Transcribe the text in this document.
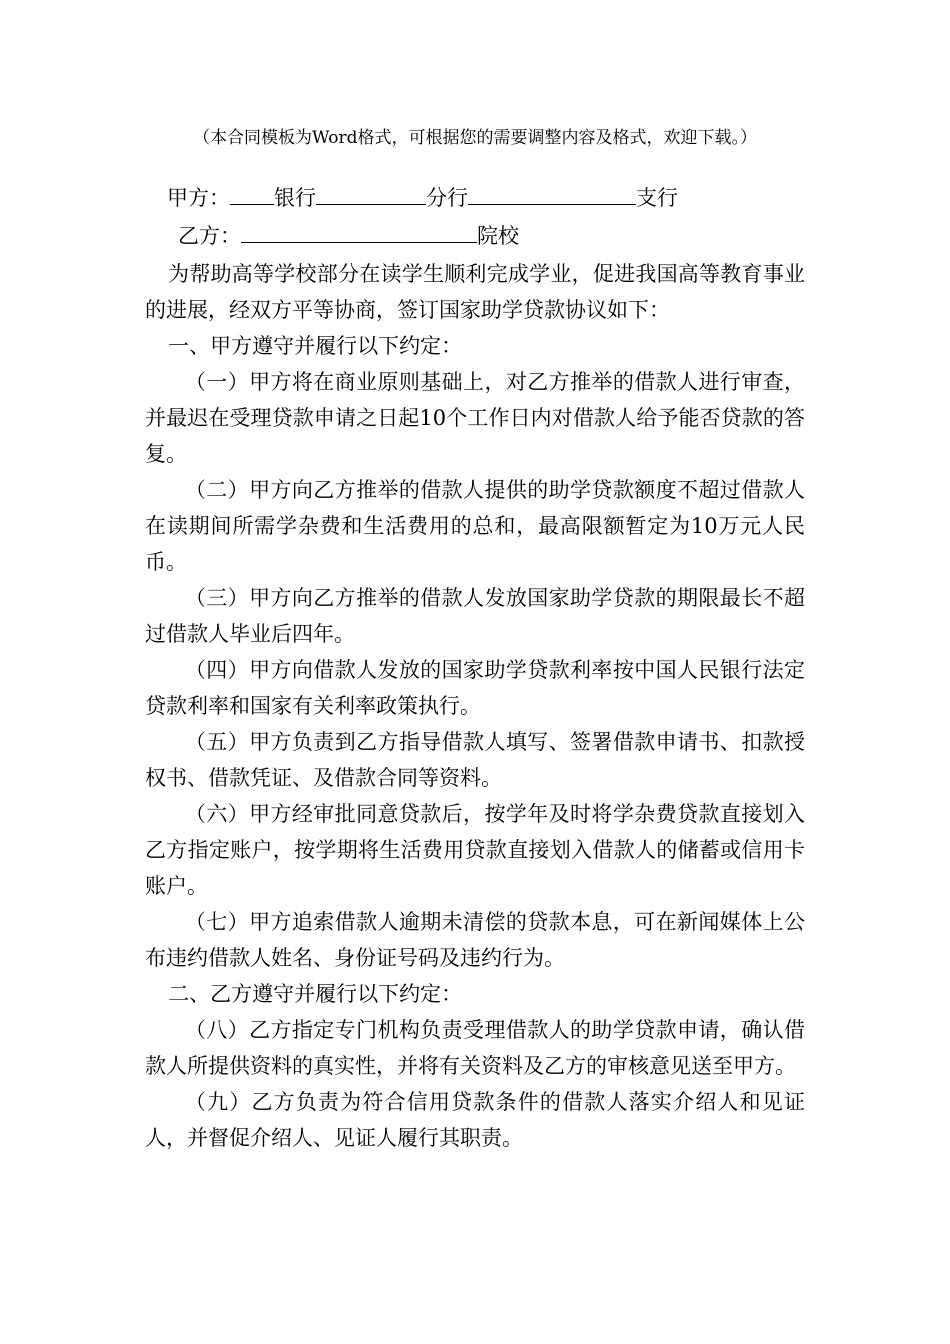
（本合同模板为Word格式，可根据您的需要调整内容及格式，欢迎下载。）
甲方： 银行	分行	支行
乙方：	院校

为帮助高等学校部分在读学生顺利完成学业，促进我国高等教育事业的进展，经双方平等协商，签订国家助学贷款协议如下：

一、甲方遵守并履行以下约定：

（一）甲方将在商业原则基础上，对乙方推举的借款人进行审查，并最迟在受理贷款申请之日起10个工作日内对借款人给予能否贷款的答复。

（二）甲方向乙方推举的借款人提供的助学贷款额度不超过借款人在读期间所需学杂费和生活费用的总和，最高限额暂定为10万元人民币。

（三）甲方向乙方推举的借款人发放国家助学贷款的期限最长不超过借款人毕业后四年。

（四）甲方向借款人发放的国家助学贷款利率按中国人民银行法定贷款利率和国家有关利率政策执行。

（五）甲方负责到乙方指导借款人填写、签署借款申请书、扣款授权书、借款凭证、及借款合同等资料。

（六）甲方经审批同意贷款后，按学年及时将学杂费贷款直接划入乙方指定账户，按学期将生活费用贷款直接划入借款人的储蓄或信用卡账户。

（七）甲方追索借款人逾期未清偿的贷款本息，可在新闻媒体上公布违约借款人姓名、身份证号码及违约行为。

二、乙方遵守并履行以下约定：

（八）乙方指定专门机构负责受理借款人的助学贷款申请，确认借款人所提供资料的真实性，并将有关资料及乙方的审核意见送至甲方。

（九）乙方负责为符合信用贷款条件的借款人落实介绍人和见证人，并督促介绍人、见证人履行其职责。
